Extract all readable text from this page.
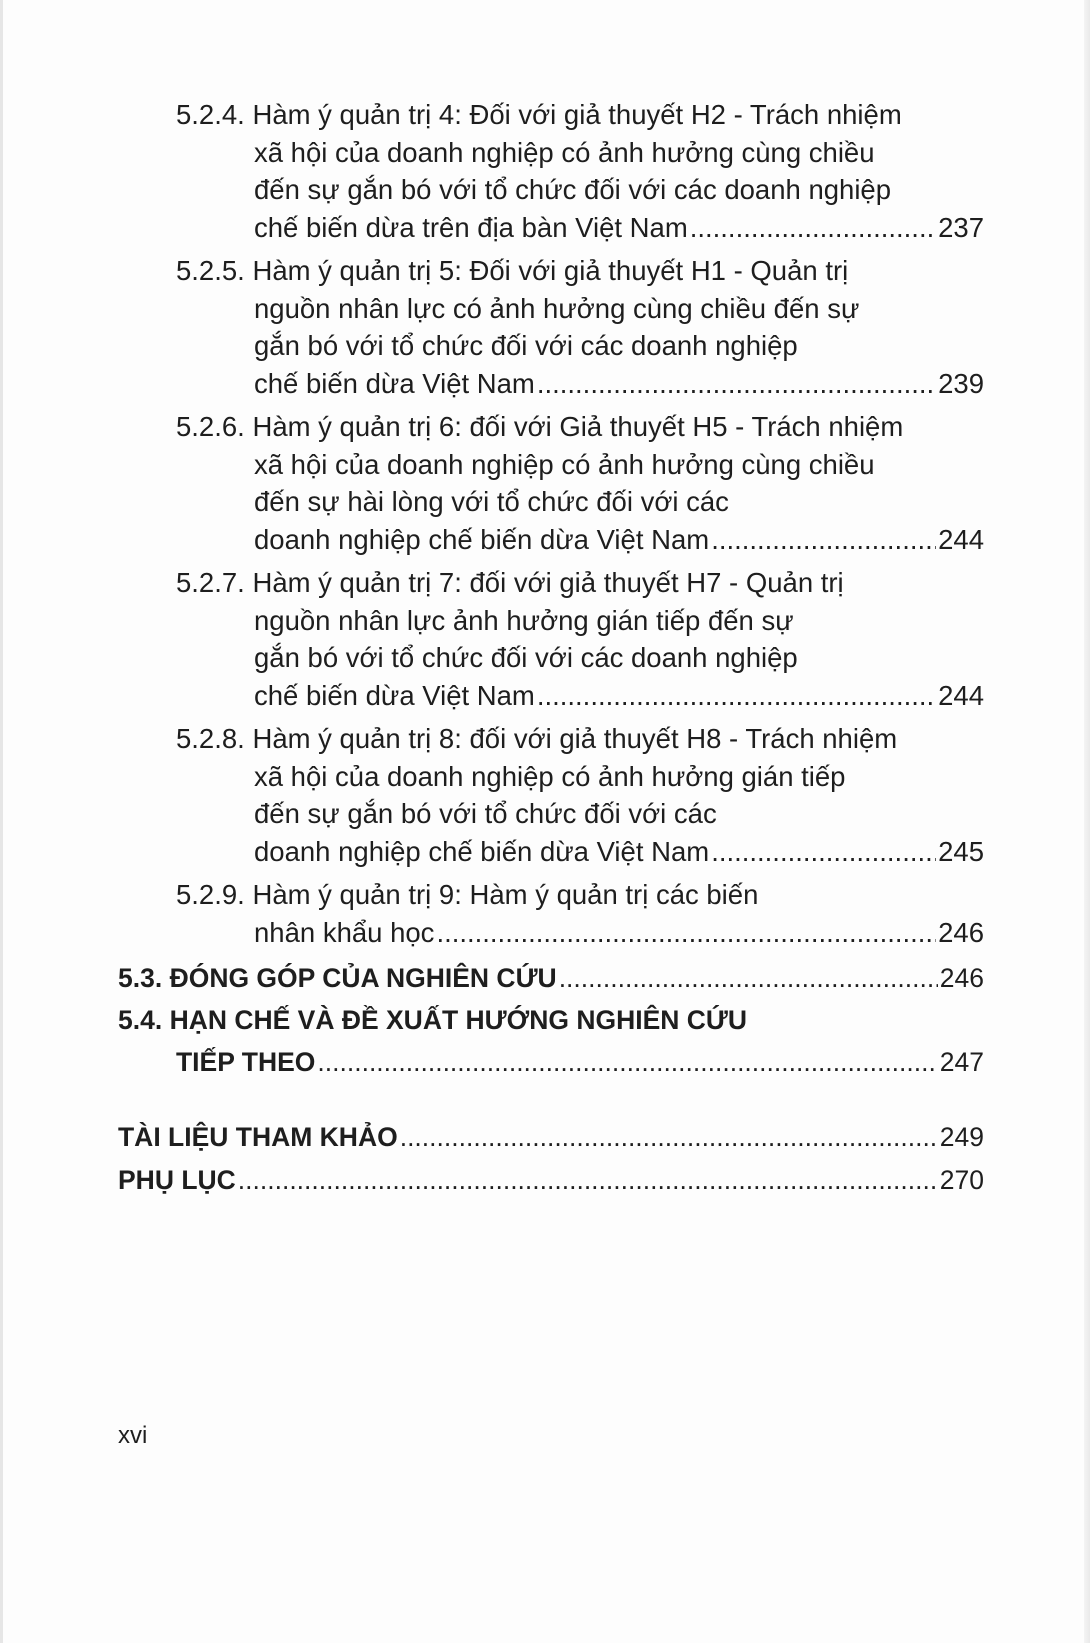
5.2.4. Hàm ý quản trị 4: Đối với giả thuyết H2 - Trách nhiệm
xã hội của doanh nghiệp có ảnh hưởng cùng chiều
đến sự gắn bó với tổ chức đối với các doanh nghiệp
chế biến dừa trên địa bàn Việt Nam .....	237
5.2.5. Hàm ý quản trị 5: Đối với giả thuyết H1 - Quản trị
nguồn nhân lực có ảnh hưởng cùng chiều đến sự
gắn bó với tổ chức đối với các doanh nghiệp
chế biến dừa Việt Nam .....	239
5.2.6. Hàm ý quản trị 6: đối với Giả thuyết H5 - Trách nhiệm
xã hội của doanh nghiệp có ảnh hưởng cùng chiều
đến sự hài lòng với tổ chức đối với các
doanh nghiệp chế biến dừa Việt Nam .....	244
5.2.7. Hàm ý quản trị 7: đối với giả thuyết H7 - Quản trị
nguồn nhân lực ảnh hưởng gián tiếp đến sự
gắn bó với tổ chức đối với các doanh nghiệp
chế biến dừa Việt Nam .....	244
5.2.8. Hàm ý quản trị 8: đối với giả thuyết H8 - Trách nhiệm
xã hội của doanh nghiệp có ảnh hưởng gián tiếp
đến sự gắn bó với tổ chức đối với các
doanh nghiệp chế biến dừa Việt Nam .....	245
5.2.9. Hàm ý quản trị 9: Hàm ý quản trị các biến
nhân khẩu học .....	246
5.3. ĐÓNG GÓP CỦA NGHIÊN CỨU .....	246
5.4. HẠN CHẾ VÀ ĐỀ XUẤT HƯỚNG NGHIÊN CỨU
TIẾP THEO .....	247
TÀI LIỆU THAM KHẢO .....	249
PHỤ LỤC .....	270
xvi
